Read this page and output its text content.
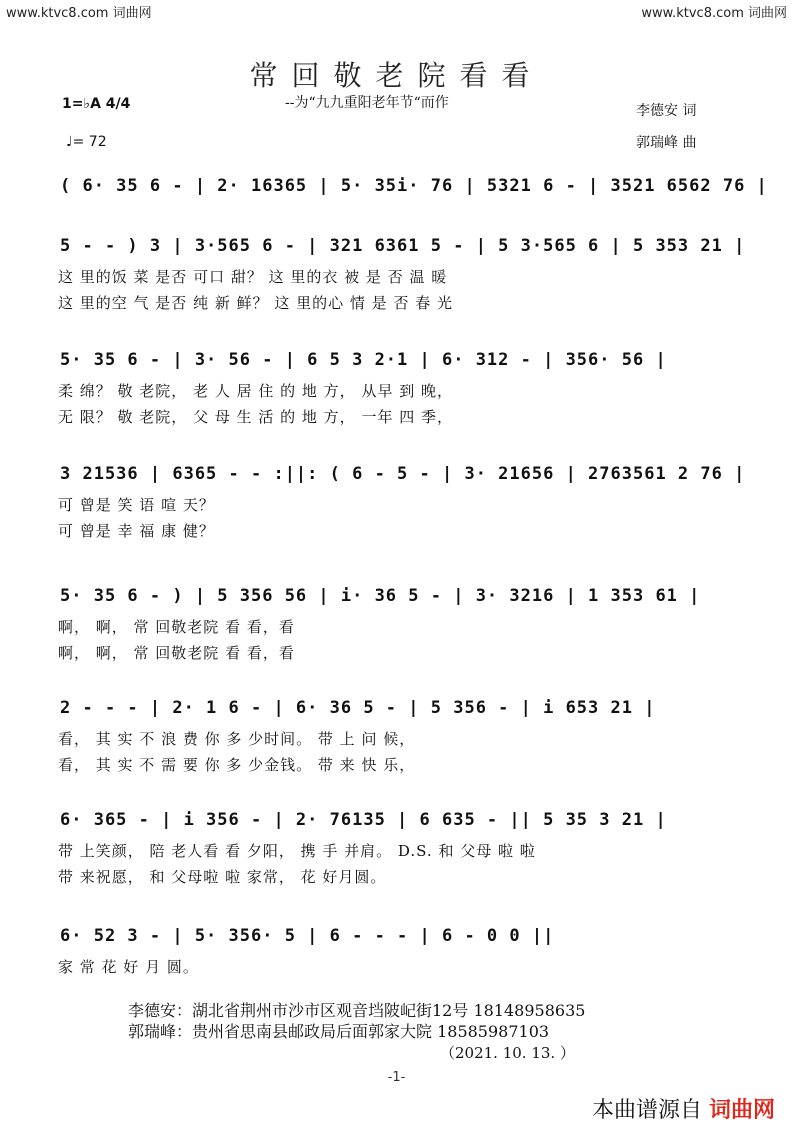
www.ktvc8.com 词曲网	www.ktvc8.com 词曲网
常回敬老院看看
--为“九九重阳老年节“而作
1=♭A 4/4
♩= 72
李德安 词
郭瑞峰 曲
( 6· 35 6 - | 2· 16365 | 5· 35i· 76 | 5321 6 - | 3521 6562 76 |
5 - - ) 3 | 3·565 6 - | 321 6361 5 - | 5 3·565 6 | 5 353 21 |
这 里的饭 菜 是否 可口 甜？ 这 里的衣 被 是 否 温 暖
这 里的空 气 是否 纯 新 鲜？ 这 里的心 情 是 否 春 光
5· 35 6 - | 3· 56 - | 6 5 3 2·1 | 6· 312 - | 356· 56 |
柔 绵？ 敬 老院， 老 人 居 住 的 地 方， 从早 到 晚，
无 限？ 敬 老院， 父 母 生 活 的 地 方， 一年 四 季，
3 21536 | 6365 - - :||: ( 6 - 5 - | 3· 21656 | 2763561 2 76 |
可 曾是 笑 语 喧 天？
可 曾是 幸 福 康 健？
5· 35 6 - ) | 5 356 56 | i· 36 5 - | 3· 3216 | 1 353 61 |
啊， 啊， 常 回敬老院 看 看，看
啊， 啊， 常 回敬老院 看 看，看
2 - - - | 2· 1 6 - | 6· 36 5 - | 5 356 - | i 653 21 |
看， 其 实 不 浪 费 你 多 少时间。 带 上 问 候，
看， 其 实 不 需 要 你 多 少金钱。 带 来 快 乐，
6· 365 - | i 356 - | 2· 76135 | 6 635 - || 5 35 3 21 |
带 上笑颜， 陪 老人看 看 夕阳， 携 手 并肩。 D.S. 和 父母 啦 啦
带 来祝愿， 和 父母啦 啦 家常， 花 好月圆。
6· 52 3 - | 5· 356· 5 | 6 - - - | 6 - 0 0 ||
家 常 花 好 月 圆。
李德安：湖北省荆州市沙市区观音垱陂屺街12号 18148958635
郭瑞峰：贵州省思南县邮政局后面郭家大院 18585987103
（2021. 10. 13. ）
-1-
本曲谱源自 词曲网
